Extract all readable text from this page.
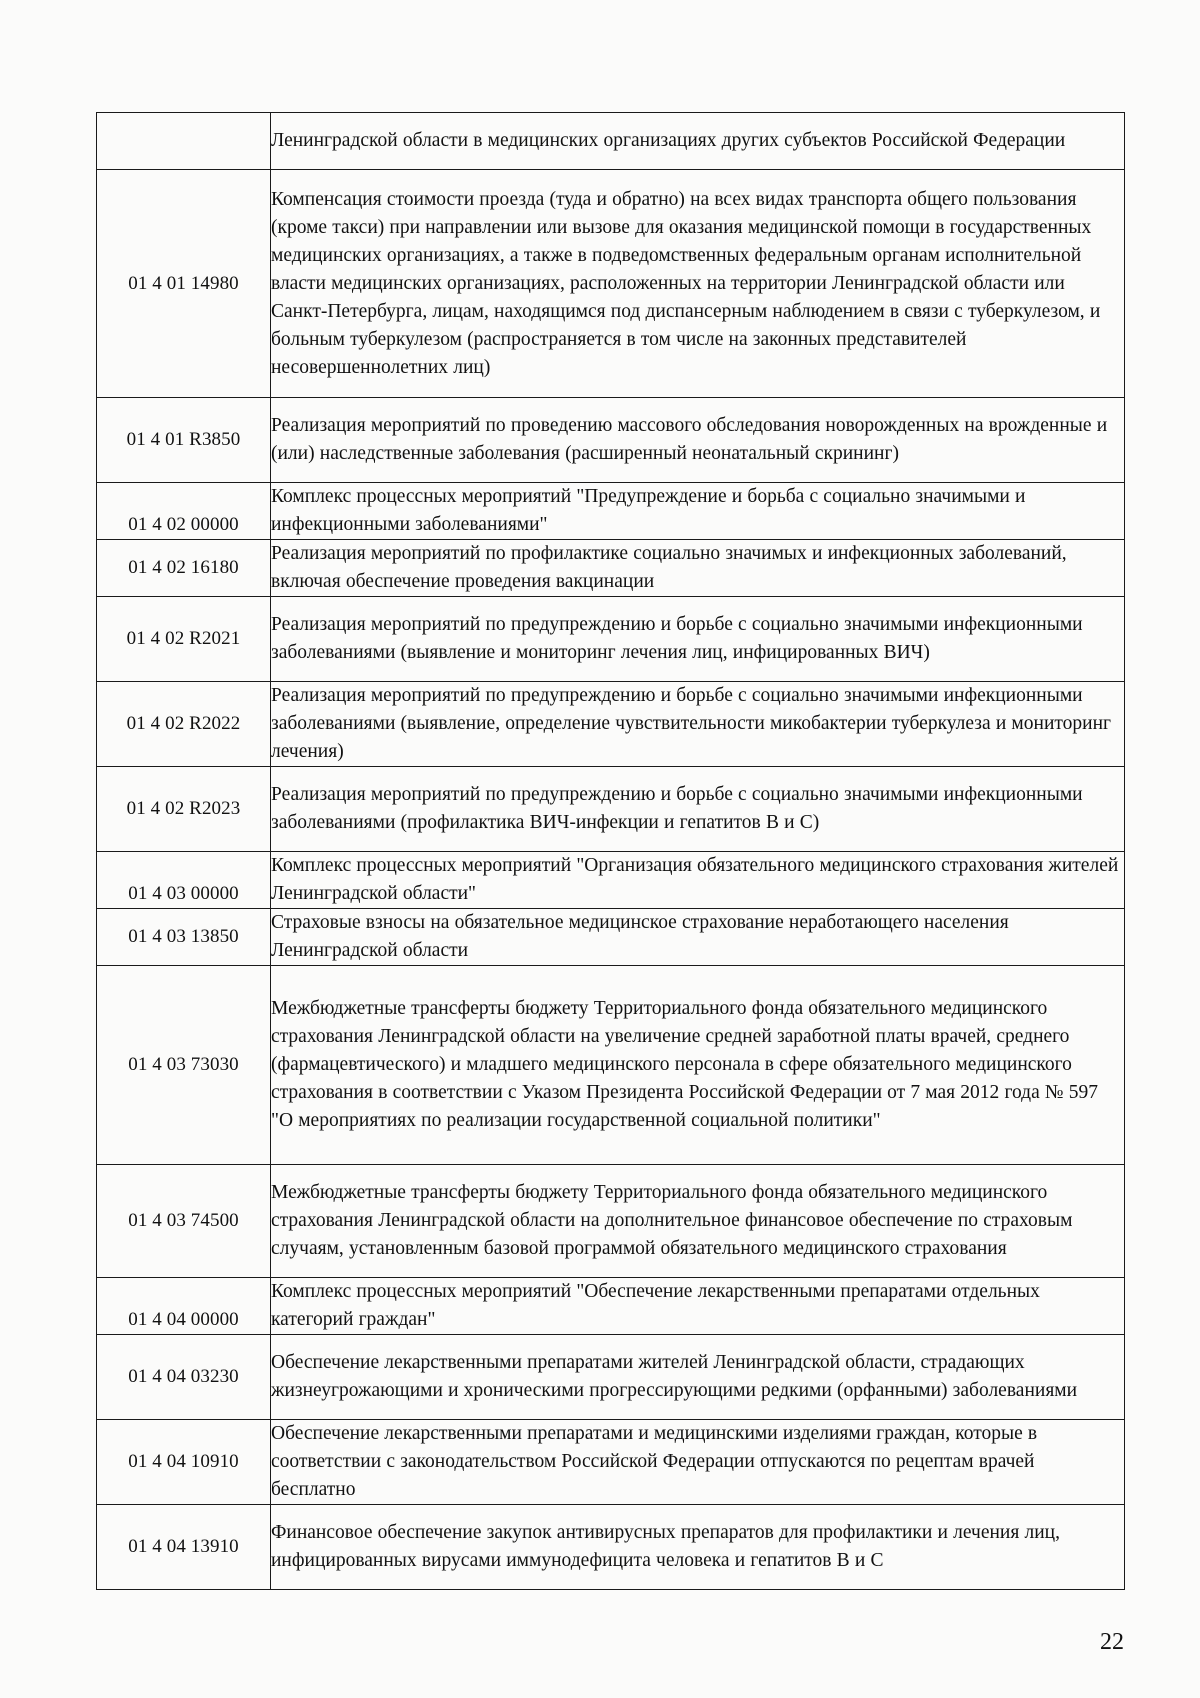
	Ленинградской области в медицинских организациях других субъектов Российской Федерации
01 4 01 14980	Компенсация стоимости проезда (туда и обратно) на всех видах транспорта общего пользования (кроме такси) при направлении или вызове для оказания медицинской помощи в государственных медицинских организациях, а также в подведомственных федеральным органам исполнительной власти медицинских организациях, расположенных на территории Ленинградской области или Санкт-Петербурга, лицам, находящимся под диспансерным наблюдением в связи с туберкулезом, и больным туберкулезом (распространяется в том числе на законных представителей несовершеннолетних лиц)
01 4 01 R3850	Реализация мероприятий по проведению массового обследования новорожденных на врожденные и (или) наследственные заболевания (расширенный неонатальный скрининг)
01 4 02 00000	Комплекс процессных мероприятий "Предупреждение и борьба с социально значимыми и инфекционными заболеваниями"
01 4 02 16180	Реализация мероприятий по профилактике социально значимых и инфекционных заболеваний, включая обеспечение проведения вакцинации
01 4 02 R2021	Реализация мероприятий по предупреждению и борьбе с социально значимыми инфекционными заболеваниями (выявление и мониторинг лечения лиц, инфицированных ВИЧ)
01 4 02 R2022	Реализация мероприятий по предупреждению и борьбе с социально значимыми инфекционными заболеваниями (выявление, определение чувствительности микобактерии туберкулеза и мониторинг лечения)
01 4 02 R2023	Реализация мероприятий по предупреждению и борьбе с социально значимыми инфекционными заболеваниями (профилактика ВИЧ-инфекции и гепатитов В и С)
01 4 03 00000	Комплекс процессных мероприятий "Организация обязательного медицинского страхования жителей Ленинградской области"
01 4 03 13850	Страховые взносы на обязательное медицинское страхование неработающего населения Ленинградской области
01 4 03 73030	Межбюджетные трансферты бюджету Территориального фонда обязательного медицинского страхования Ленинградской области на увеличение средней заработной платы врачей, среднего (фармацевтического) и младшего медицинского персонала в сфере обязательного медицинского страхования в соответствии с Указом Президента Российской Федерации от 7 мая 2012 года № 597 "О мероприятиях по реализации государственной социальной политики"
01 4 03 74500	Межбюджетные трансферты бюджету Территориального фонда обязательного медицинского страхования Ленинградской области на дополнительное финансовое обеспечение по страховым случаям, установленным базовой программой обязательного медицинского страхования
01 4 04 00000	Комплекс процессных мероприятий "Обеспечение лекарственными препаратами отдельных категорий граждан"
01 4 04 03230	Обеспечение лекарственными препаратами жителей Ленинградской области, страдающих жизнеугрожающими и хроническими прогрессирующими редкими (орфанными) заболеваниями
01 4 04 10910	Обеспечение лекарственными препаратами и медицинскими изделиями граждан, которые в соответствии с законодательством Российской Федерации отпускаются по рецептам врачей бесплатно
01 4 04 13910	Финансовое обеспечение закупок антивирусных препаратов для профилактики и лечения лиц, инфицированных вирусами иммунодефицита человека и гепатитов В и С
22
